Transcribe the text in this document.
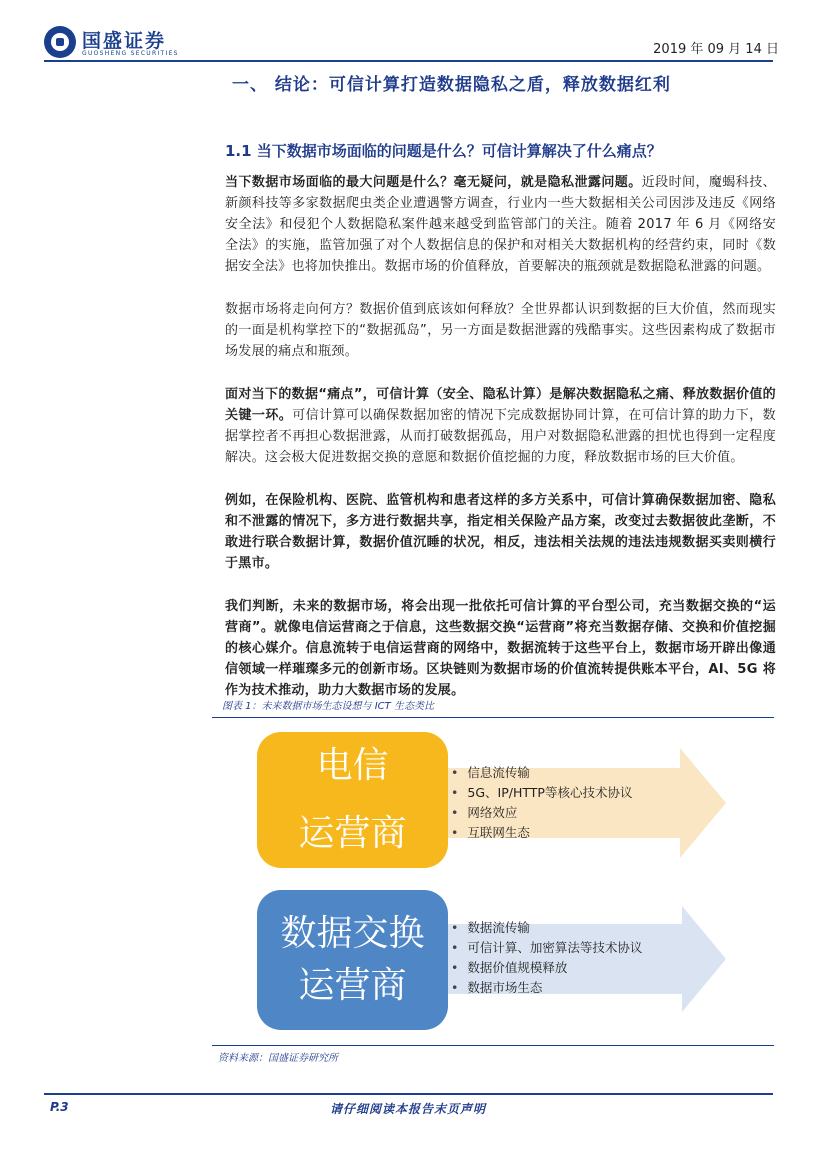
国盛证券
GUOSHENG SECURITIES	2019 年 09 月 14 日
一、 结论：可信计算打造数据隐私之盾，释放数据红利
1.1 当下数据市场面临的问题是什么？可信计算解决了什么痛点？

当下数据市场面临的最大问题是什么？毫无疑问，就是隐私泄露问题。近段时间，魔蝎科技、新颜科技等多家数据爬虫类企业遭遇警方调查，行业内一些大数据相关公司因涉及违反《网络安全法》和侵犯个人数据隐私案件越来越受到监管部门的关注。随着 2017 年 6 月《网络安全法》的实施，监管加强了对个人数据信息的保护和对相关大数据机构的经营约束，同时《数据安全法》也将加快推出。数据市场的价值释放，首要解决的瓶颈就是数据隐私泄露的问题。

数据市场将走向何方？数据价值到底该如何释放？全世界都认识到数据的巨大价值，然而现实的一面是机构掌控下的“数据孤岛”，另一方面是数据泄露的残酷事实。这些因素构成了数据市场发展的痛点和瓶颈。

面对当下的数据“痛点”，可信计算（安全、隐私计算）是解决数据隐私之痛、释放数据价值的关键一环。可信计算可以确保数据加密的情况下完成数据协同计算，在可信计算的助力下，数据掌控者不再担心数据泄露，从而打破数据孤岛，用户对数据隐私泄露的担忧也得到一定程度解决。这会极大促进数据交换的意愿和数据价值挖掘的力度，释放数据市场的巨大价值。

例如，在保险机构、医院、监管机构和患者这样的多方关系中，可信计算确保数据加密、隐私和不泄露的情况下，多方进行数据共享，指定相关保险产品方案，改变过去数据彼此垄断，不敢进行联合数据计算，数据价值沉睡的状况，相反，违法相关法规的违法违规数据买卖则横行于黑市。

我们判断，未来的数据市场，将会出现一批依托可信计算的平台型公司，充当数据交换的“运营商”。就像电信运营商之于信息，这些数据交换“运营商”将充当数据存储、交换和价值挖掘的核心媒介。信息流转于电信运营商的网络中，数据流转于这些平台上，数据市场开辟出像通信领域一样璀璨多元的创新市场。区块链则为数据市场的价值流转提供账本平台，AI、5G 将作为技术推动，助力大数据市场的发展。

图表 1：未来数据市场生态设想与 ICT 生态类比
电信
运营商
数据交换
运营商
• 信息流传输
• 5G、IP/HTTP等核心技术协议
• 网络效应
• 互联网生态
• 数据流传输
• 可信计算、加密算法等技术协议
• 数据价值规模释放
• 数据市场生态
资料来源：国盛证券研究所
P.3	请仔细阅读本报告末页声明
